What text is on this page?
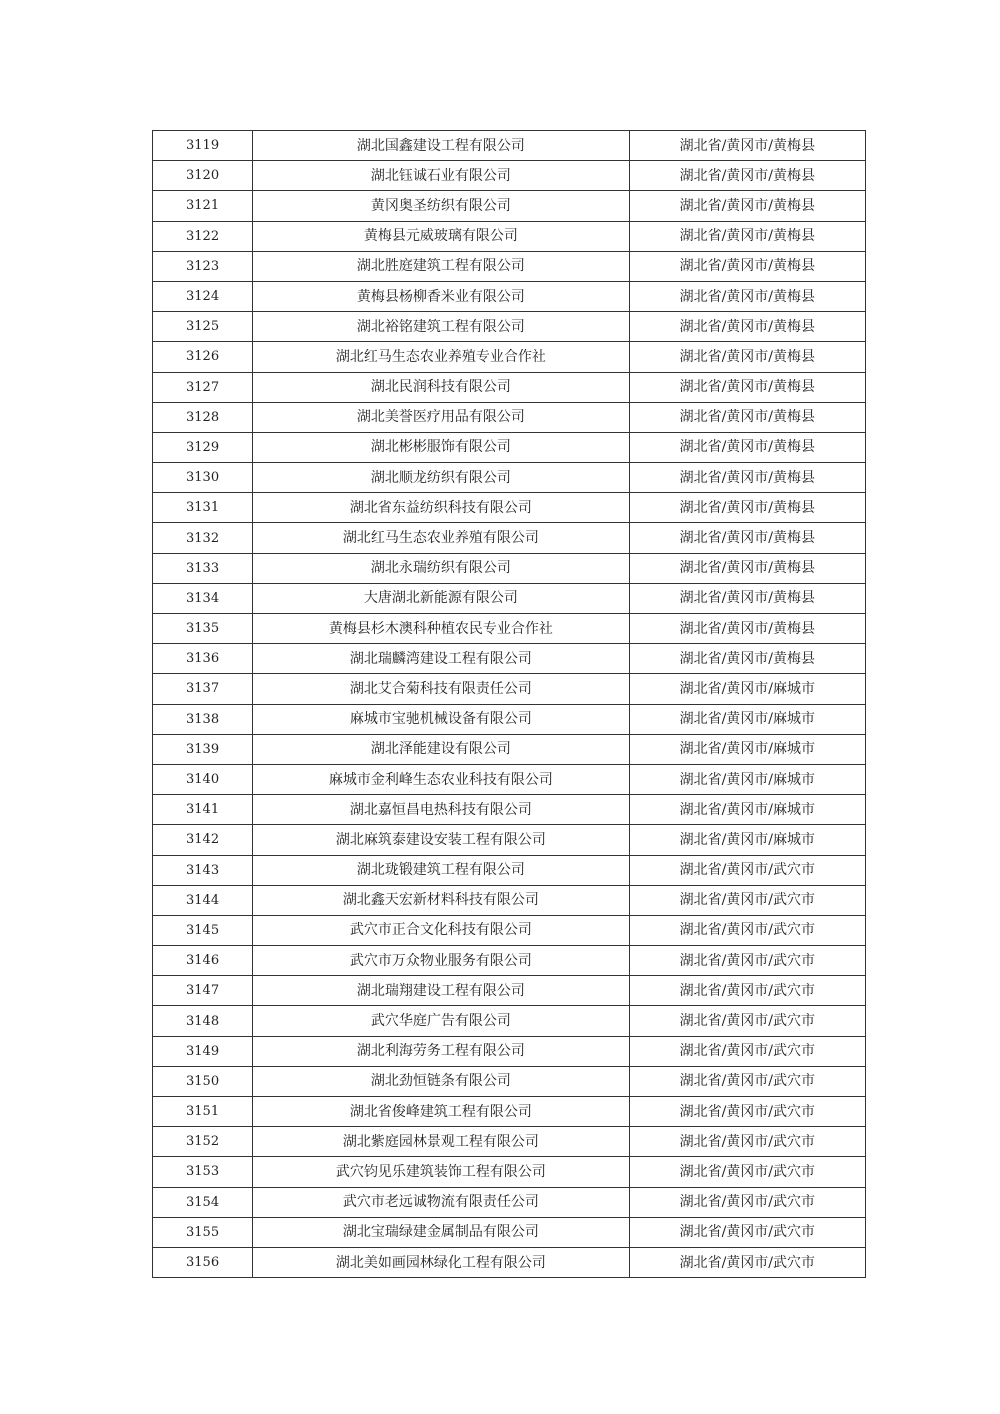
3119	湖北国鑫建设工程有限公司	湖北省/黄冈市/黄梅县
3120	湖北钰诚石业有限公司	湖北省/黄冈市/黄梅县
3121	黄冈奥圣纺织有限公司	湖北省/黄冈市/黄梅县
3122	黄梅县元威玻璃有限公司	湖北省/黄冈市/黄梅县
3123	湖北胜庭建筑工程有限公司	湖北省/黄冈市/黄梅县
3124	黄梅县杨柳香米业有限公司	湖北省/黄冈市/黄梅县
3125	湖北裕铭建筑工程有限公司	湖北省/黄冈市/黄梅县
3126	湖北红马生态农业养殖专业合作社	湖北省/黄冈市/黄梅县
3127	湖北民润科技有限公司	湖北省/黄冈市/黄梅县
3128	湖北美誉医疗用品有限公司	湖北省/黄冈市/黄梅县
3129	湖北彬彬服饰有限公司	湖北省/黄冈市/黄梅县
3130	湖北顺龙纺织有限公司	湖北省/黄冈市/黄梅县
3131	湖北省东益纺织科技有限公司	湖北省/黄冈市/黄梅县
3132	湖北红马生态农业养殖有限公司	湖北省/黄冈市/黄梅县
3133	湖北永瑞纺织有限公司	湖北省/黄冈市/黄梅县
3134	大唐湖北新能源有限公司	湖北省/黄冈市/黄梅县
3135	黄梅县杉木澳科种植农民专业合作社	湖北省/黄冈市/黄梅县
3136	湖北瑞麟湾建设工程有限公司	湖北省/黄冈市/黄梅县
3137	湖北艾合菊科技有限责任公司	湖北省/黄冈市/麻城市
3138	麻城市宝驰机械设备有限公司	湖北省/黄冈市/麻城市
3139	湖北泽能建设有限公司	湖北省/黄冈市/麻城市
3140	麻城市金利峰生态农业科技有限公司	湖北省/黄冈市/麻城市
3141	湖北嘉恒昌电热科技有限公司	湖北省/黄冈市/麻城市
3142	湖北麻筑泰建设安装工程有限公司	湖北省/黄冈市/麻城市
3143	湖北珑锻建筑工程有限公司	湖北省/黄冈市/武穴市
3144	湖北鑫天宏新材料科技有限公司	湖北省/黄冈市/武穴市
3145	武穴市正合文化科技有限公司	湖北省/黄冈市/武穴市
3146	武穴市万众物业服务有限公司	湖北省/黄冈市/武穴市
3147	湖北瑞翔建设工程有限公司	湖北省/黄冈市/武穴市
3148	武穴华庭广告有限公司	湖北省/黄冈市/武穴市
3149	湖北利海劳务工程有限公司	湖北省/黄冈市/武穴市
3150	湖北劲恒链条有限公司	湖北省/黄冈市/武穴市
3151	湖北省俊峰建筑工程有限公司	湖北省/黄冈市/武穴市
3152	湖北紫庭园林景观工程有限公司	湖北省/黄冈市/武穴市
3153	武穴钧见乐建筑装饰工程有限公司	湖北省/黄冈市/武穴市
3154	武穴市老远诚物流有限责任公司	湖北省/黄冈市/武穴市
3155	湖北宝瑞绿建金属制品有限公司	湖北省/黄冈市/武穴市
3156	湖北美如画园林绿化工程有限公司	湖北省/黄冈市/武穴市
